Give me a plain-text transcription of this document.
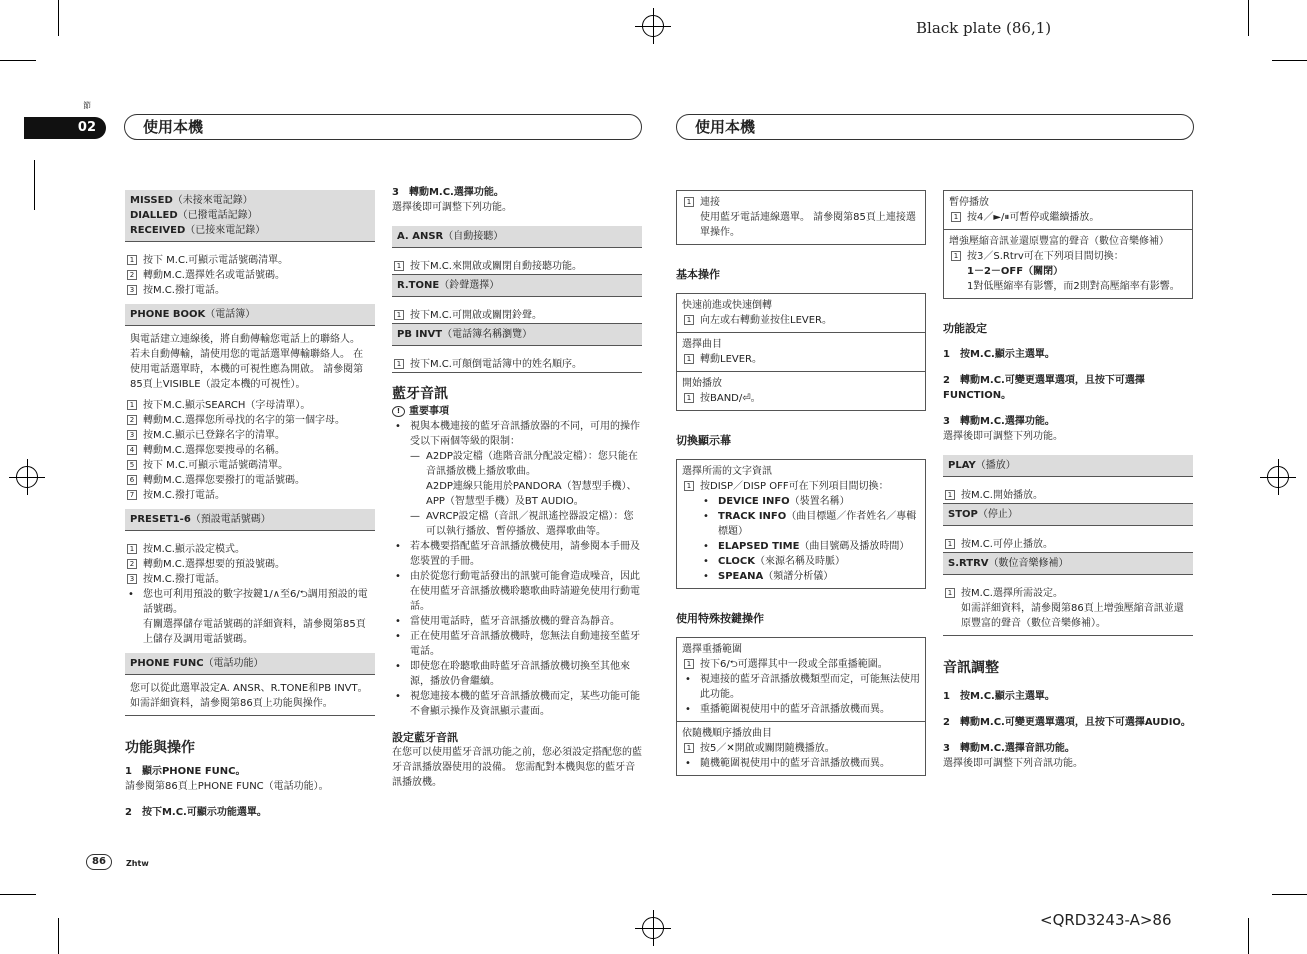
Black plate (86,1)
節
02	使用本機	使用本機
MISSED（未接來電記錄）
DIALLED（已撥電話記錄）
RECEIVED（已接來電記錄）
1 按下 M.C.可顯示電話號碼清單。
2 轉動M.C.選擇姓名或電話號碼。
3 按M.C.撥打電話。
PHONE BOOK（電話簿）
與電話建立連線後，將自動傳輸您電話上的聯絡人。 若未自動傳輸，請使用您的電話選單傳輸聯絡人。 在使用電話選單時，本機的可視性應為開啟。 請參閱第85頁上VISIBLE（設定本機的可視性）。
1 按下M.C.顯示SEARCH（字母清單）。
2 轉動M.C.選擇您所尋找的名字的第一個字母。
3 按M.C.顯示已登錄名字的清單。
4 轉動M.C.選擇您要搜尋的名稱。
5 按下 M.C.可顯示電話號碼清單。
6 轉動M.C.選擇您要撥打的電話號碼。
7 按M.C.撥打電話。
PRESET1-6（預設電話號碼）
1 按M.C.顯示設定模式。
2 轉動M.C.選擇想要的預設號碼。
3 按M.C.撥打電話。
• 您也可利用預設的數字按鍵1/∧至6/⮌調用預設的電話號碼。
有關選擇儲存電話號碼的詳細資料，請參閱第85頁上儲存及調用電話號碼。
PHONE FUNC（電話功能）
您可以從此選單設定A. ANSR、R.TONE和PB INVT。 如需詳細資料，請參閱第86頁上功能與操作。
功能與操作
1　顯示PHONE FUNC。
請參閱第86頁上PHONE FUNC（電話功能）。
2　按下M.C.可顯示功能選單。
3　轉動M.C.選擇功能。
選擇後即可調整下列功能。
A. ANSR（自動接聽）
1 按下M.C.來開啟或關閉自動接聽功能。
R.TONE（鈴聲選擇）
1 按下M.C.可開啟或關閉鈴聲。
PB INVT（電話簿名稱瀏覽）
1 按下M.C.可顛倒電話簿中的姓名順序。
藍牙音訊
! 重要事項
• 視與本機連接的藍牙音訊播放器的不同，可用的操作受以下兩個等級的限制：
— A2DP設定檔（進階音訊分配設定檔）：您只能在音訊播放機上播放歌曲。
A2DP連線只能用於PANDORA（智慧型手機）、APP（智慧型手機）及BT AUDIO。
— AVRCP設定檔（音訊／視訊遙控器設定檔）：您可以執行播放、暫停播放、選擇歌曲等。
• 若本機要搭配藍牙音訊播放機使用，請參閱本手冊及您裝置的手冊。
• 由於從您行動電話發出的訊號可能會造成噪音，因此在使用藍牙音訊播放機聆聽歌曲時請避免使用行動電話。
• 當使用電話時，藍牙音訊播放機的聲音為靜音。
• 正在使用藍牙音訊播放機時，您無法自動連接至藍牙電話。
• 即使您在聆聽歌曲時藍牙音訊播放機切換至其他來源，播放仍會繼續。
• 視您連接本機的藍牙音訊播放機而定，某些功能可能不會顯示操作及資訊顯示畫面。
設定藍牙音訊
在您可以使用藍牙音訊功能之前，您必須設定搭配您的藍牙音訊播放器使用的設備。 您需配對本機與您的藍牙音訊播放機。
1 連接
使用藍牙電話連線選單。 請參閱第85頁上連接選單操作。
基本操作
快速前進或快速倒轉
1 向左或右轉動並按住LEVER。
選擇曲目
1 轉動LEVER。
開始播放
1 按BAND/⏎。
切換顯示幕
選擇所需的文字資訊
1 按DISP／DISP OFF可在下列項目間切換：
• DEVICE INFO（裝置名稱）
• TRACK INFO（曲目標題／作者姓名／專輯標題）
• ELAPSED TIME（曲目號碼及播放時間）
• CLOCK（來源名稱及時脈）
• SPEANA（頻譜分析儀）
使用特殊按鍵操作
選擇重播範圍
1 按下6/⮌可選擇其中一段或全部重播範圍。
• 視連接的藍牙音訊播放機類型而定，可能無法使用此功能。
• 重播範圍視使用中的藍牙音訊播放機而異。
依隨機順序播放曲目
1 按5／✕開啟或關閉隨機播放。
• 隨機範圍視使用中的藍牙音訊播放機而異。
暫停播放
1 按4／►/⏸可暫停或繼續播放。
增強壓縮音訊並還原豐富的聲音（數位音樂修補）
1 按3／S.Rtrv可在下列項目間切換：
1－2－OFF（關閉）
1對低壓縮率有影響，而2則對高壓縮率有影響。
功能設定
1　按M.C.顯示主選單。
2　轉動M.C.可變更選單選項，且按下可選擇FUNCTION。
3　轉動M.C.選擇功能。
選擇後即可調整下列功能。
PLAY（播放）
1 按M.C.開始播放。
STOP（停止）
1 按M.C.可停止播放。
S.RTRV（數位音樂修補）
1 按M.C.選擇所需設定。
如需詳細資料，請參閱第86頁上增強壓縮音訊並還原豐富的聲音（數位音樂修補）。
音訊調整
1　按M.C.顯示主選單。
2　轉動M.C.可變更選單選項，且按下可選擇AUDIO。
3　轉動M.C.選擇音訊功能。
選擇後即可調整下列音訊功能。
86	Zhtw
<QRD3243-A>86
